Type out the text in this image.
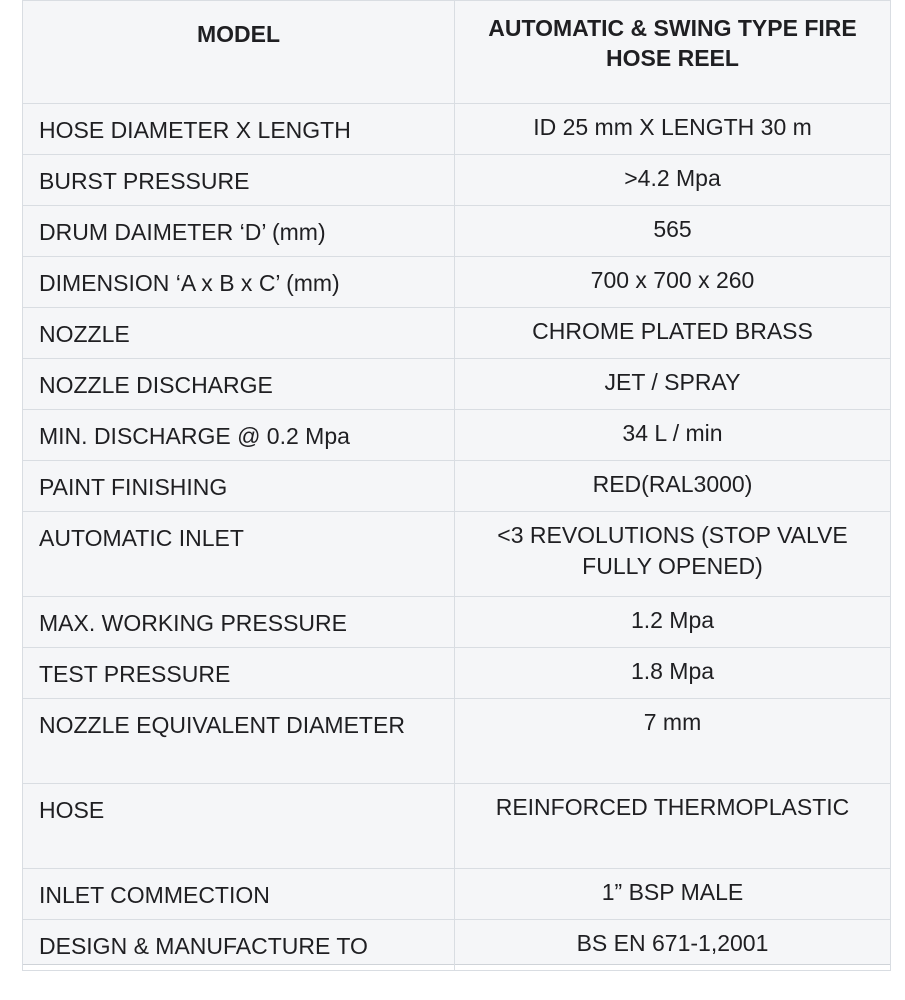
MODEL	AUTOMATIC & SWING TYPE FIRE HOSE REEL
HOSE DIAMETER X LENGTH	ID 25 mm X LENGTH 30 m
BURST PRESSURE	>4.2 Mpa
DRUM DAIMETER ‘D’ (mm)	565
DIMENSION ‘A x B x C’ (mm)	700 x 700 x 260
NOZZLE	CHROME PLATED BRASS
NOZZLE DISCHARGE	JET / SPRAY
MIN. DISCHARGE @ 0.2 Mpa	34 L / min
PAINT FINISHING	RED(RAL3000)
AUTOMATIC INLET	<3 REVOLUTIONS (STOP VALVE FULLY OPENED)
MAX. WORKING PRESSURE	1.2 Mpa
TEST PRESSURE	1.8 Mpa
NOZZLE EQUIVALENT DIAMETER	7 mm
HOSE	REINFORCED THERMOPLASTIC
INLET COMMECTION	1” BSP MALE
DESIGN & MANUFACTURE TO	BS EN 671-1,2001
